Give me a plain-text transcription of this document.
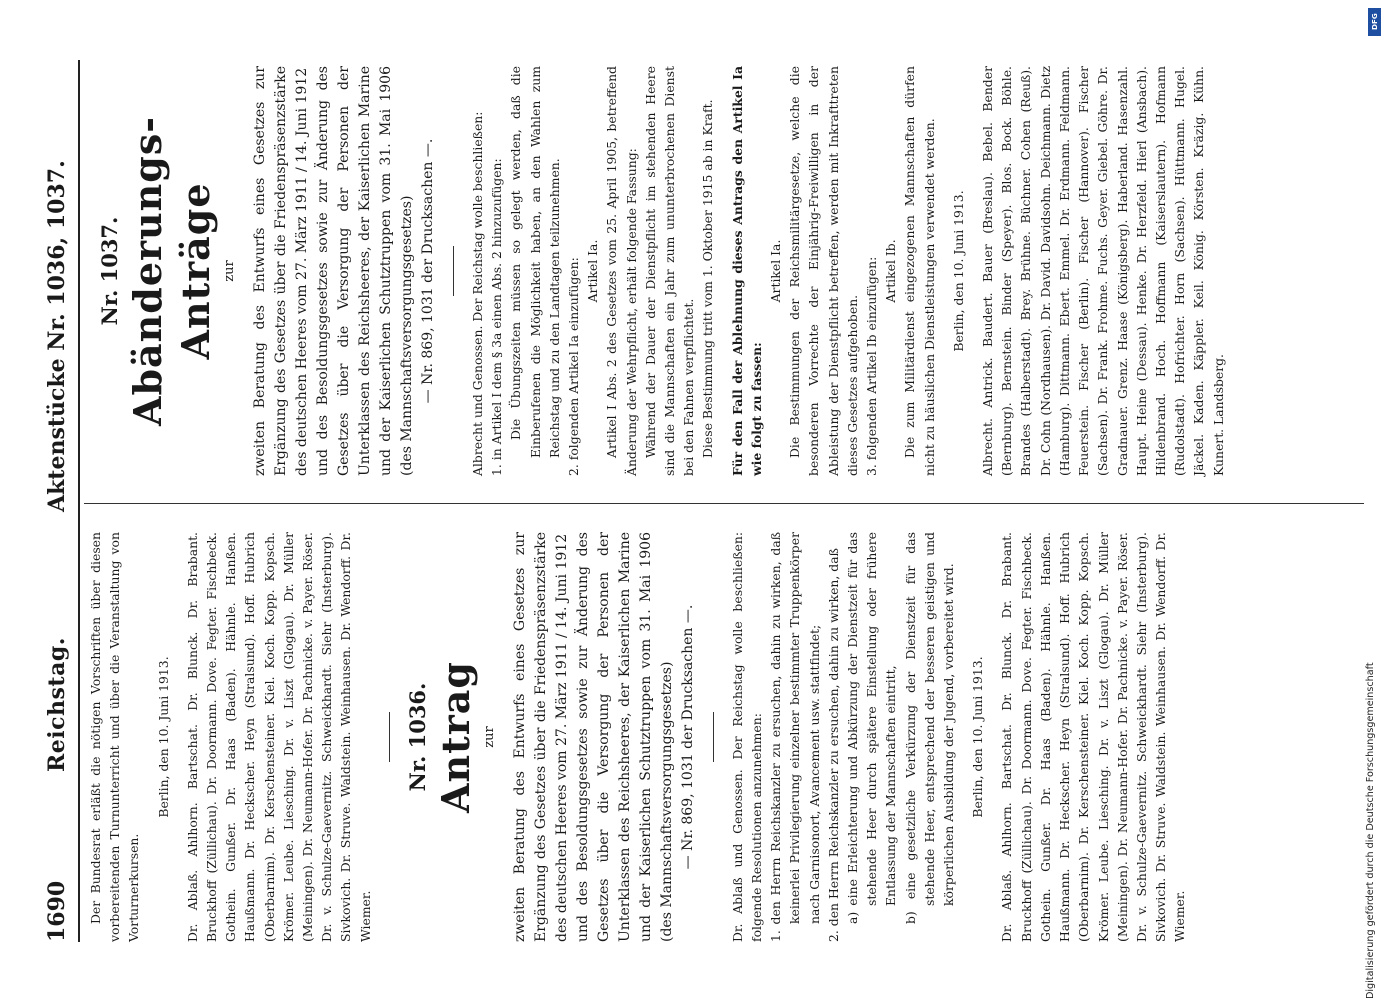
1690
Reichstag.
Aktenstücke Nr. 1036, 1037.

Der Bundesrat erläßt die nötigen Vorschriften über diesen vorbereitenden Turnunterricht und über die Veranstaltung von Vorturnerkursen.

Berlin, den 10. Juni 1913. Dr. Ablaß. Ahlhorn. Bartschat. Dr. Blunck. Dr. Brabant. Bruckhoff (Züllichau). Dr. Doormann. Dove. Fegter. Fischbeck. Gothein. Gunßer. Dr. Haas (Baden). Hähnle. Hanßen. Haußmann. Dr. Heckscher. Heyn (Stralsund). Hoff. Hubrich (Oberbarnim). Dr. Kerschensteiner. Kiel. Koch. Kopp. Kopsch. Krömer. Leube. Liesching. Dr. v. Liszt (Glogau). Dr. Müller (Meiningen). Dr. Neumann-Hofer. Dr. Pachnicke. v. Payer. Röser. Dr. v. Schulze-Gaevernitz. Schweickhardt. Siehr (Insterburg). Sivkovich. Dr. Struve. Waldstein. Weinhausen. Dr. Wendorff. Dr. Wiemer.

Nr. 1036. Antrag zur zweiten Beratung des Entwurfs eines Gesetzes zur Ergänzung des Gesetzes über die Friedenspräsenzstärke des deutschen Heeres vom 27. März 1911 / 14. Juni 1912 und des Besoldungsgesetzes sowie zur Änderung des Gesetzes über die Versorgung der Personen der Unterklassen des Reichsheeres, der Kaiserlichen Marine und der Kaiserlichen Schutztruppen vom 31. Mai 1906 (des Mannschaftsversorgungsgesetzes) — Nr. 869, 1031 der Drucksachen —.	Dr. Ablaß und Genossen. Der Reichstag wolle beschließen: folgende Resolutionen anzunehmen: 1. den Herrn Reichskanzler zu ersuchen, dahin zu wirken, daß keinerlei Privilegierung einzelner bestimmter Truppenkörper nach Garnisonort, Avancement usw. stattfindet; 2. den Herrn Reichskanzler zu ersuchen, dahin zu wirken, daß a) eine Erleichterung und Abkürzung der Dienstzeit für das stehende Heer durch spätere Einstellung oder frühere Entlassung der Mannschaften eintritt, b) eine gesetzliche Verkürzung der Dienstzeit für das stehende Heer, entsprechend der besseren geistigen und körperlichen Ausbildung der Jugend, vorbereitet wird. Berlin, den 10. Juni 1913. Dr. Ablaß. Ahlhorn. Bartschat. Dr. Blunck. Dr. Brabant. Bruckhoff (Züllichau). Dr. Doormann. Dove. Fegter. Fischbeck. Gothein. Gunßer. Dr. Haas (Baden). Hähnle. Hanßen. Haußmann. Dr. Heckscher. Heyn (Stralsund). Hoff. Hubrich (Oberbarnim). Dr. Kerschensteiner. Kiel. Koch. Kopp. Kopsch. Krömer. Leube. Liesching. Dr. v. Liszt (Glogau). Dr. Müller (Meiningen). Dr. Neumann-Hofer. Dr. Pachnicke. v. Payer. Röser. Dr. v. Schulze-Gaevernitz. Schweickhardt. Siehr (Insterburg). Sivkovich. Dr. Struve. Waldstein. Weinhausen. Dr. Wendorff. Dr. Wiemer.

Nr. 1037. Abänderungs-Anträge zur zweiten Beratung des Entwurfs eines Gesetzes zur Ergänzung des Gesetzes über die Friedenspräsenzstärke des deutschen Heeres vom 27. März 1911 / 14. Juni 1912 und des Besoldungsgesetzes sowie zur Änderung des Gesetzes über die Versorgung der Personen der Unterklassen des Reichsheeres, der Kaiserlichen Marine und der Kaiserlichen Schutztruppen vom 31. Mai 1906 (des Mannschaftsversorgungsgesetzes) — Nr. 869, 1031 der Drucksachen —.	Albrecht und Genossen. Der Reichstag wolle beschließen: 1. in Artikel I dem § 3a einen Abs. 2 hinzuzufügen: Die Übungszeiten müssen so gelegt werden, daß die Einberufenen die Möglichkeit haben, an den Wahlen zum Reichstag und zu den Landtagen teilzunehmen. 2. folgenden Artikel Ia einzufügen: Artikel Ia. Artikel I Abs. 2 des Gesetzes vom 25. April 1905, betreffend Änderung der Wehrpflicht, erhält folgende Fassung: Während der Dauer der Dienstpflicht im stehenden Heere sind die Mannschaften ein Jahr zum ununterbrochenen Dienst bei den Fahnen verpflichtet. Diese Bestimmung tritt vom 1. Oktober 1915 ab in Kraft. Für den Fall der Ablehnung dieses Antrags den Artikel Ia wie folgt zu fassen:

Artikel Ia. Die Bestimmungen der Reichsmilitärgesetze, welche die besonderen Vorrechte der Einjährig-Freiwilligen in der Ableistung der Dienstpflicht betreffen, werden mit Inkrafttreten dieses Gesetzes aufgehoben. 3. folgenden Artikel Ib einzufügen: Artikel Ib. Die zum Militärdienst eingezogenen Mannschaften dürfen nicht zu häuslichen Dienstleistungen verwendet werden. Berlin, den 10. Juni 1913. Albrecht. Antrick. Baudert. Bauer (Breslau). Bebel. Bender (Bernburg). Bernstein. Binder (Speyer). Blos. Bock. Böhle. Brandes (Halberstadt). Brey. Brühne. Büchner. Cohen (Reuß). Dr. Cohn (Nordhausen). Dr. David. Davidsohn. Deichmann. Dietz (Hamburg). Dittmann. Ebert. Emmel. Dr. Erdmann. Feldmann. Feuerstein. Fischer (Berlin). Fischer (Hannover). Fischer (Sachsen). Dr. Frank. Frohme. Fuchs. Geyer. Giebel. Göhre. Dr. Gradnauer. Grenz. Haase (Königsberg). Haberland. Hasenzahl. Haupt. Heine (Dessau). Henke. Dr. Herzfeld. Hierl (Ansbach). Hildenbrand. Hoch. Hoffmann (Kaiserslautern). Hofmann (Rudolstadt). Hofrichter. Horn (Sachsen). Hüttmann. Hugel. Jäckel. Kaden. Käppler. Keil. König. Körsten. Kräzig. Kühn. Kunert. Landsberg.

Digitalisierung gefördert durch die Deutsche Forschungsgemeinschaft
DFG
